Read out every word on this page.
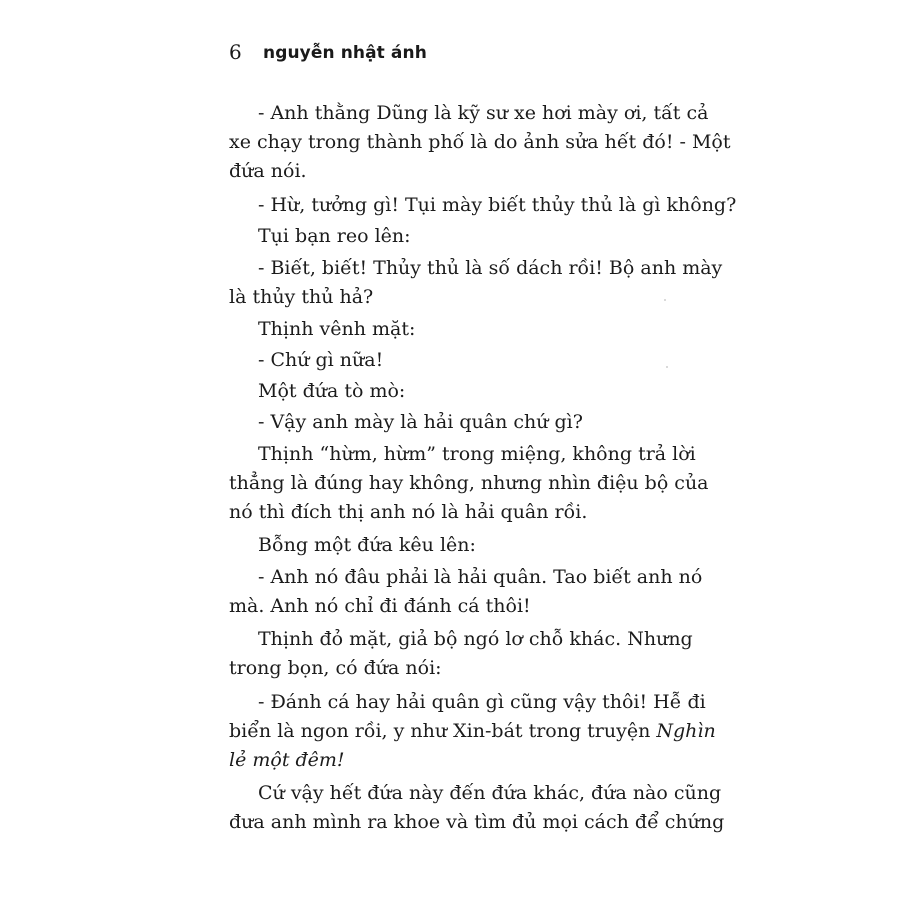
6 nguyễn nhật ánh
- Anh thằng Dũng là kỹ sư xe hơi mày ơi, tất cả
xe chạy trong thành phố là do ảnh sửa hết đó! - Một
đứa nói.
- Hừ, tưởng gì! Tụi mày biết thủy thủ là gì không?
Tụi bạn reo lên:
- Biết, biết! Thủy thủ là số dách rồi! Bộ anh mày
là thủy thủ hả?
Thịnh vênh mặt:
- Chứ gì nữa!
Một đứa tò mò:
- Vậy anh mày là hải quân chứ gì?
Thịnh “hừm, hừm” trong miệng, không trả lời
thẳng là đúng hay không, nhưng nhìn điệu bộ của
nó thì đích thị anh nó là hải quân rồi.
Bỗng một đứa kêu lên:
- Anh nó đâu phải là hải quân. Tao biết anh nó
mà. Anh nó chỉ đi đánh cá thôi!
Thịnh đỏ mặt, giả bộ ngó lơ chỗ khác. Nhưng
trong bọn, có đứa nói:
- Đánh cá hay hải quân gì cũng vậy thôi! Hễ đi
biển là ngon rồi, y như Xin-bát trong truyện Nghìn
lẻ một đêm!
Cứ vậy hết đứa này đến đứa khác, đứa nào cũng
đưa anh mình ra khoe và tìm đủ mọi cách để chứng
